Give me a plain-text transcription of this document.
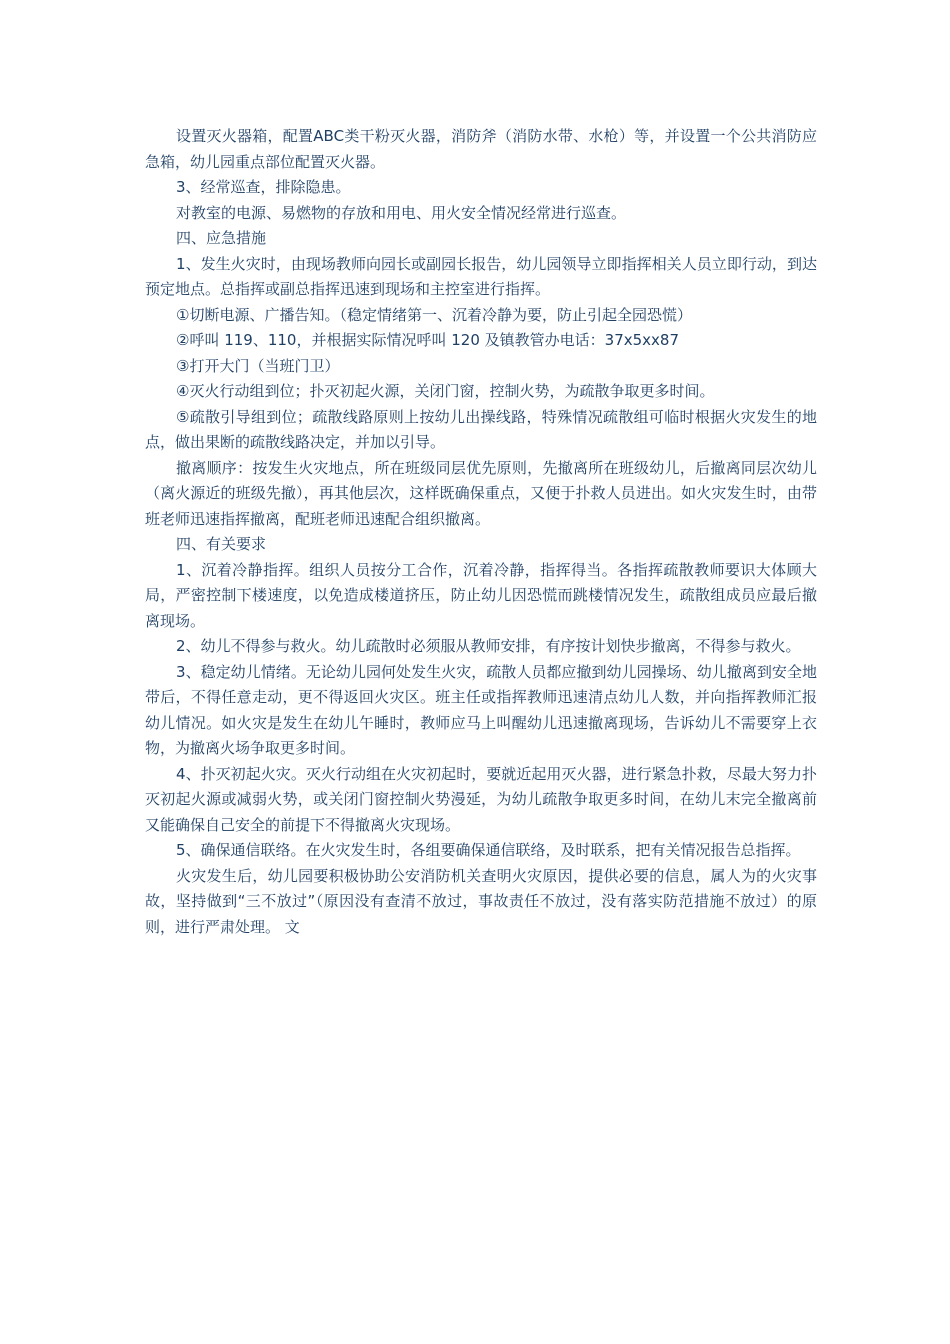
设置灭火器箱，配置ABC类干粉灭火器，消防斧（消防水带、水枪）等，并设置一个公共消防应急箱，幼儿园重点部位配置灭火器。

3、经常巡查，排除隐患。

对教室的电源、易燃物的存放和用电、用火安全情况经常进行巡查。

四、应急措施

1、发生火灾时，由现场教师向园长或副园长报告，幼儿园领导立即指挥相关人员立即行动，到达预定地点。总指挥或副总指挥迅速到现场和主控室进行指挥。

①切断电源、广播告知。（稳定情绪第一、沉着冷静为要，防止引起全园恐慌）

②呼叫 119、110，并根据实际情况呼叫 120 及镇教管办电话：37x5xx87

③打开大门（当班门卫）

④灭火行动组到位；扑灭初起火源，关闭门窗，控制火势，为疏散争取更多时间。

⑤疏散引导组到位；疏散线路原则上按幼儿出操线路，特殊情况疏散组可临时根据火灾发生的地点，做出果断的疏散线路决定，并加以引导。

撤离顺序：按发生火灾地点，所在班级同层优先原则，先撤离所在班级幼儿，后撤离同层次幼儿（离火源近的班级先撤），再其他层次，这样既确保重点，又便于扑救人员进出。如火灾发生时，由带班老师迅速指挥撤离，配班老师迅速配合组织撤离。

四、有关要求

1、沉着冷静指挥。组织人员按分工合作，沉着冷静，指挥得当。各指挥疏散教师要识大体顾大局，严密控制下楼速度，以免造成楼道挤压，防止幼儿因恐慌而跳楼情况发生，疏散组成员应最后撤离现场。

2、幼儿不得参与救火。幼儿疏散时必须服从教师安排，有序按计划快步撤离，不得参与救火。

3、稳定幼儿情绪。无论幼儿园何处发生火灾，疏散人员都应撤到幼儿园操场、幼儿撤离到安全地带后，不得任意走动，更不得返回火灾区。班主任或指挥教师迅速清点幼儿人数，并向指挥教师汇报幼儿情况。如火灾是发生在幼儿午睡时，教师应马上叫醒幼儿迅速撤离现场，告诉幼儿不需要穿上衣物，为撤离火场争取更多时间。

4、扑灭初起火灾。灭火行动组在火灾初起时，要就近起用灭火器，进行紧急扑救，尽最大努力扑灭初起火源或减弱火势，或关闭门窗控制火势漫延，为幼儿疏散争取更多时间，在幼儿末完全撤离前又能确保自己安全的前提下不得撤离火灾现场。

5、确保通信联络。在火灾发生时，各组要确保通信联络，及时联系，把有关情况报告总指挥。

火灾发生后，幼儿园要积极协助公安消防机关查明火灾原因，提供必要的信息，属人为的火灾事故，坚持做到“三不放过”（原因没有查清不放过，事故责任不放过，没有落实防范措施不放过）的原则，进行严肃处理。 文
